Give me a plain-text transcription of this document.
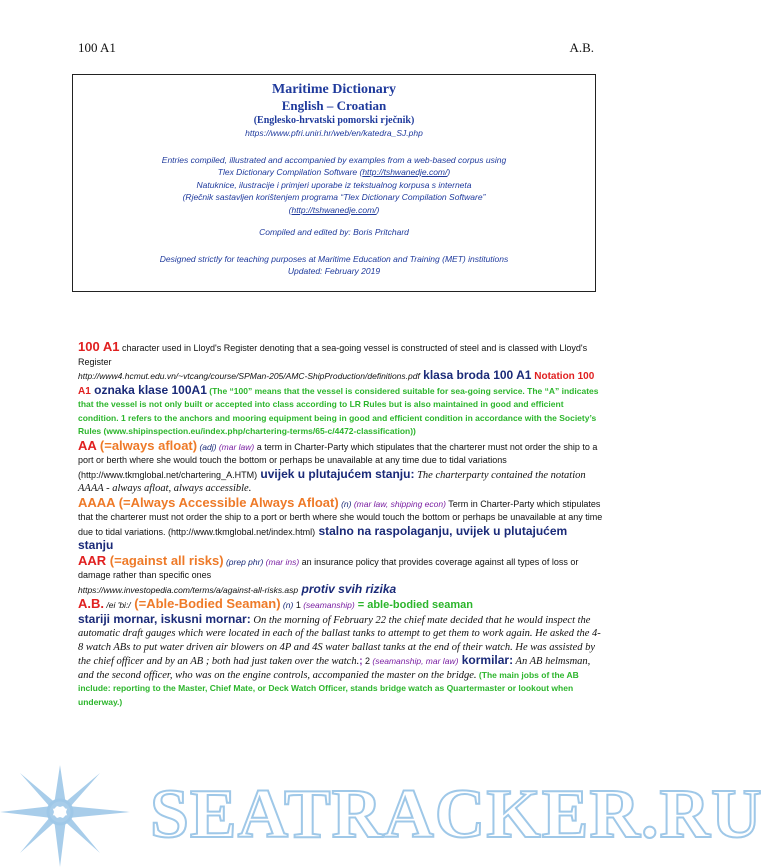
100 A1	A.B.
Maritime Dictionary
English – Croatian
(Englesko-hrvatski pomorski rječnik)
https://www.pfri.uniri.hr/web/en/katedra_SJ.php
Entries compiled, illustrated and accompanied by examples from a web-based corpus using
Tlex Dictionary Compilation Software (http://tshwanedje.com/)
Natuknice, ilustracije i primjeri uporabe iz tekstualnog korpusa s interneta
(Rječnik sastavljen korištenjem programa “Tlex Dictionary Compilation Software”
(http://tshwanedje.com/)
Compiled and edited by: Boris Pritchard
Designed strictly for teaching purposes at Maritime Education and Training (MET) institutions
Updated: February 2019

100 A1 character used in Lloyd's Register denoting that a sea-going vessel is constructed of steel and is classed with Lloyd's Register
http://www4.hcmut.edu.vn/~vtcang/course/SPMan-205/AMC-ShipProduction/definitions.pdf klasa broda 100 A1 Notation 100 A1 oznaka klase 100A1 (The “100” means that the vessel is considered suitable for sea-going service. The “A” indicates that the vessel is not only built or accepted into class according to LR Rules but is also maintained in good and efficient condition. 1 refers to the anchors and mooring equipment being in good and efficient condition in accordance with the Society’s Rules (www.shipinspection.eu/index.php/chartering-terms/65-c/4472-classification))

AA (=always afloat) (adj) (mar law) a term in Charter-Party which stipulates that the charterer must not order the ship to a port or berth where she would touch the bottom or perhaps be unavailable at any time due to tidal variations (http://www.tkmglobal.net/chartering_A.HTM) uvijek u plutajućem stanju: The charterparty contained the notation AAAA - always afloat, always accessible.

AAAA (=Always Accessible Always Afloat) (n) (mar law, shipping econ) Term in Charter-Party which stipulates that the charterer must not order the ship to a port or berth where she would touch the bottom or perhaps be unavailable at any time due to tidal variations. (http://www.tkmglobal.net/index.html) stalno na raspolaganju, uvijek u plutajućem stanju

AAR (=against all risks) (prep phr) (mar ins) an insurance policy that provides coverage against all types of loss or damage rather than specific ones
https://www.investopedia.com/terms/a/against-all-risks.asp protiv svih rizika

A.B. /ei 'bi:/ (=Able-Bodied Seaman) (n) 1 (seamanship) = able-bodied seaman
stariji mornar, iskusni mornar: On the morning of February 22 the chief mate decided that he would inspect the automatic draft gauges which were located in each of the ballast tanks to attempt to get them to work again. He asked the 4-8 watch ABs to put water driven air blowers on 4P and 4S water ballast tanks at the end of their watch. He was assisted by the chief officer and by an AB ; both had just taken over the watch.; 2 (seamanship, mar law) kormilar: An AB helmsman, and the second officer, who was on the engine controls, accompanied the master on the bridge. (The main jobs of the AB include: reporting to the Master, Chief Mate, or Deck Watch Officer, stands bridge watch as Quartermaster or lookout when underway.)

SEATRACKER.RU
